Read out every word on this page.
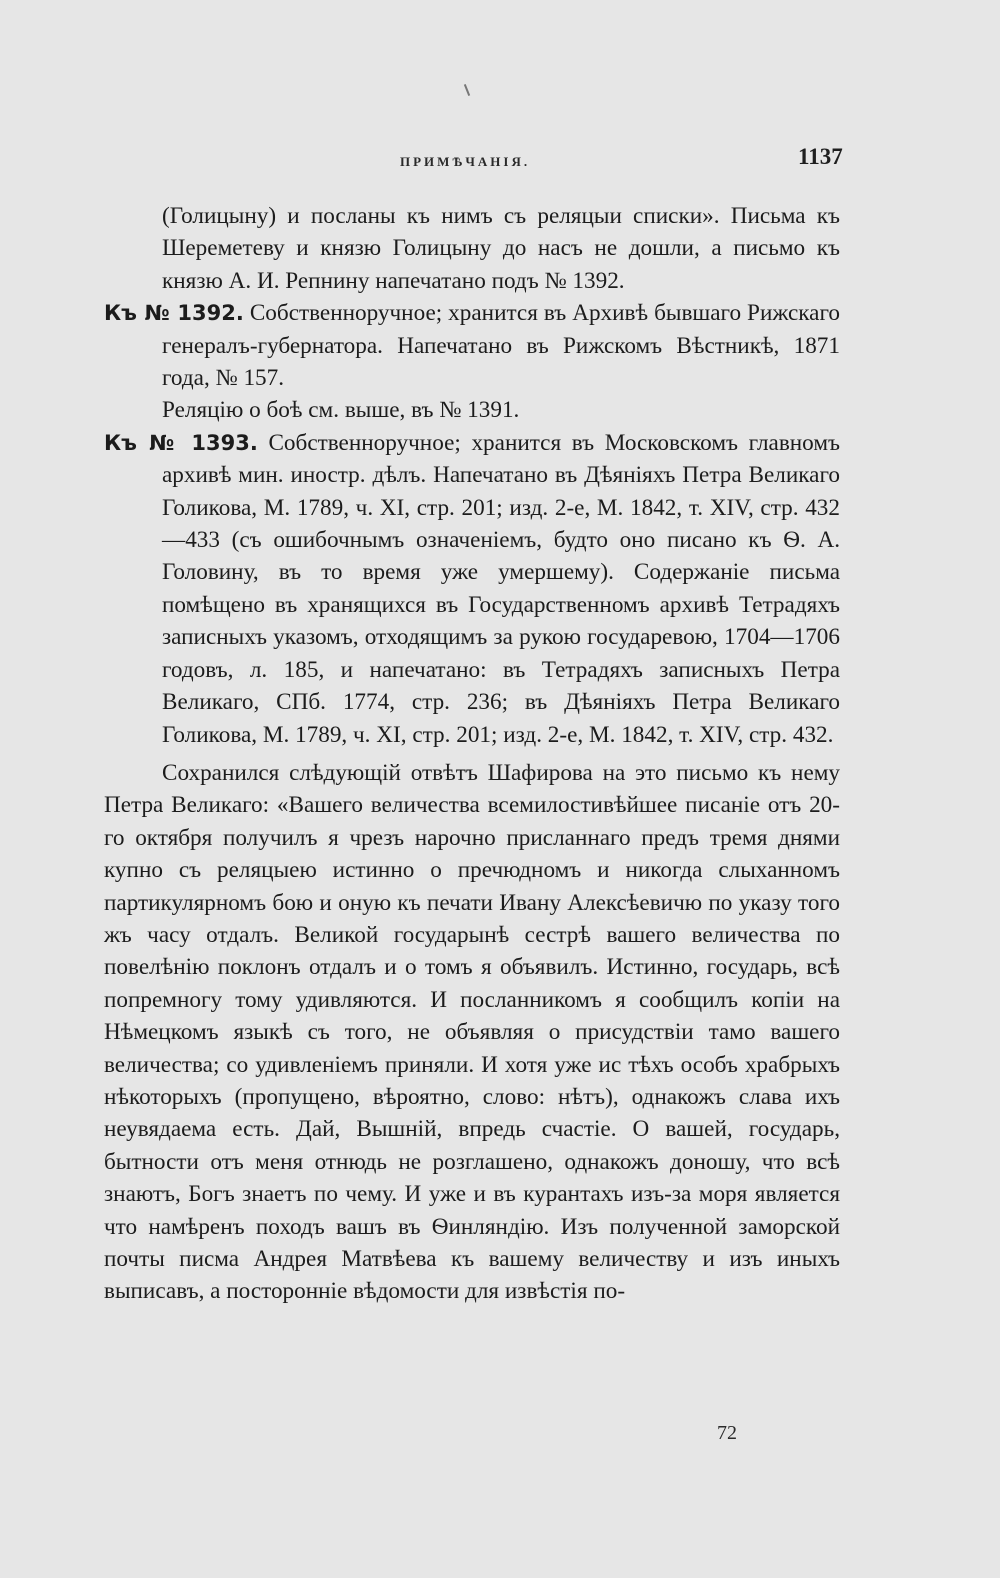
ПРИМѢЧАНІЯ.	1137

(Голицыну) и посланы къ нимъ съ реляцыи списки». Письма къ Шереметеву и князю Голицыну до насъ не дошли, а письмо къ князю А. И. Репнину напечатано подъ № 1392.

Къ № 1392. Собственноручное; хранится въ Архивѣ бывшаго Рижскаго генералъ-губернатора. Напечатано въ Рижскомъ Вѣстникѣ, 1871 года, № 157.

Реляцію о боѣ см. выше, въ № 1391.

Къ № 1393. Собственноручное; хранится въ Московскомъ главномъ архивѣ мин. иностр. дѣлъ. Напечатано въ Дѣяніяхъ Петра Великаго Голикова, М. 1789, ч. XI, стр. 201; изд. 2-е, М. 1842, т. XIV, стр. 432—433 (съ ошибочнымъ означеніемъ, будто оно писано къ Ѳ. А. Головину, въ то время уже умершему). Содержаніе письма помѣщено въ хранящихся въ Государственномъ архивѣ Тетрадяхъ записныхъ указомъ, отходящимъ за рукою государевою, 1704—1706 годовъ, л. 185, и напечатано: въ Тетрадяхъ записныхъ Петра Великаго, СПб. 1774, стр. 236; въ Дѣяніяхъ Петра Великаго Голикова, М. 1789, ч. XI, стр. 201; изд. 2-е, М. 1842, т. XIV, стр. 432.

Сохранился слѣдующій отвѣтъ Шафирова на это письмо къ нему Петра Великаго: «Вашего величества всемилостивѣйшее писаніе отъ 20-го октября получилъ я чрезъ нарочно присланнаго предъ тремя днями купно съ реляцыею истинно о пречюдномъ и никогда слыханномъ партикулярномъ бою и оную къ печати Ивану Алексѣевичю по указу того жъ часу отдалъ. Великой государынѣ сестрѣ вашего величества по повелѣнію поклонъ отдалъ и о томъ я объявилъ. Истинно, государь, всѣ попремногу тому удивляются. И посланникомъ я сообщилъ копіи на Нѣмецкомъ языкѣ съ того, не объявляя о присудствіи тамо вашего величества; со удивленіемъ приняли. И хотя уже ис тѣхъ особъ храбрыхъ нѣкоторыхъ (пропущено, вѣроятно, слово: нѣтъ), однакожъ слава ихъ неувядаема есть. Дай, Вышній, впредь счастіе. О вашей, государь, бытности отъ меня отнюдь не розглашено, однакожъ доношу, что всѣ знаютъ, Богъ знаетъ по чему. И уже и въ курантахъ изъ-за моря является что намѣренъ походъ вашъ въ Ѳинляндію. Изъ полученной заморской почты писма Андрея Матвѣева къ вашему величеству и изъ иныхъ выписавъ, а посторонніе вѣдомости для извѣстія по-

72
